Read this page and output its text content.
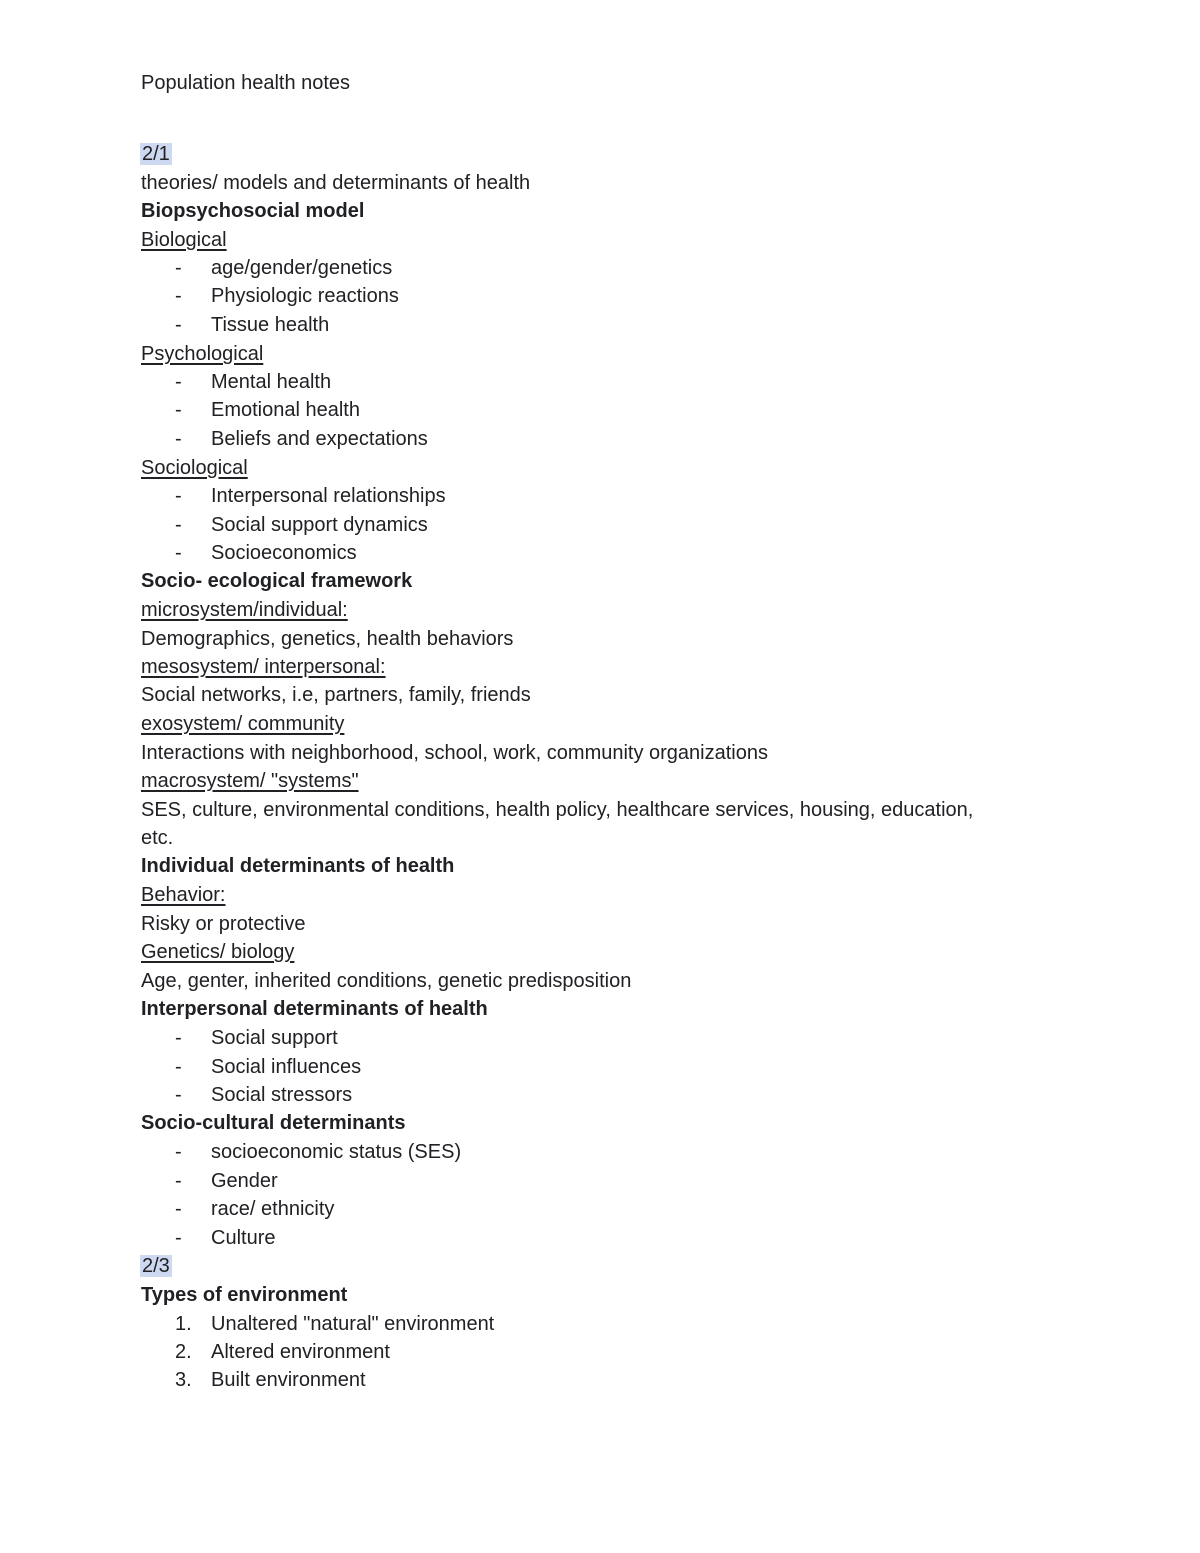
Population health notes
2/1
theories/ models and determinants of health
Biopsychosocial model
Biological
-	age/gender/genetics
-	Physiologic reactions
-	Tissue health
Psychological
-	Mental health
-	Emotional health
-	Beliefs and expectations
Sociological
-	Interpersonal relationships
-	Social support dynamics
-	Socioeconomics
Socio- ecological framework
microsystem/individual:
Demographics, genetics, health behaviors
mesosystem/ interpersonal:
Social networks, i.e, partners, family, friends
exosystem/ community
Interactions with neighborhood, school, work, community organizations
macrosystem/ "systems"
SES, culture, environmental conditions, health policy, healthcare services, housing, education,
etc.
Individual determinants of health
Behavior:
Risky or protective
Genetics/ biology
Age, genter, inherited conditions, genetic predisposition
Interpersonal determinants of health
-	Social support
-	Social influences
-	Social stressors
Socio-cultural determinants
-	socioeconomic status (SES)
-	Gender
-	race/ ethnicity
-	Culture
2/3
Types of environment
1. Unaltered "natural" environment
2. Altered environment
3. Built environment
